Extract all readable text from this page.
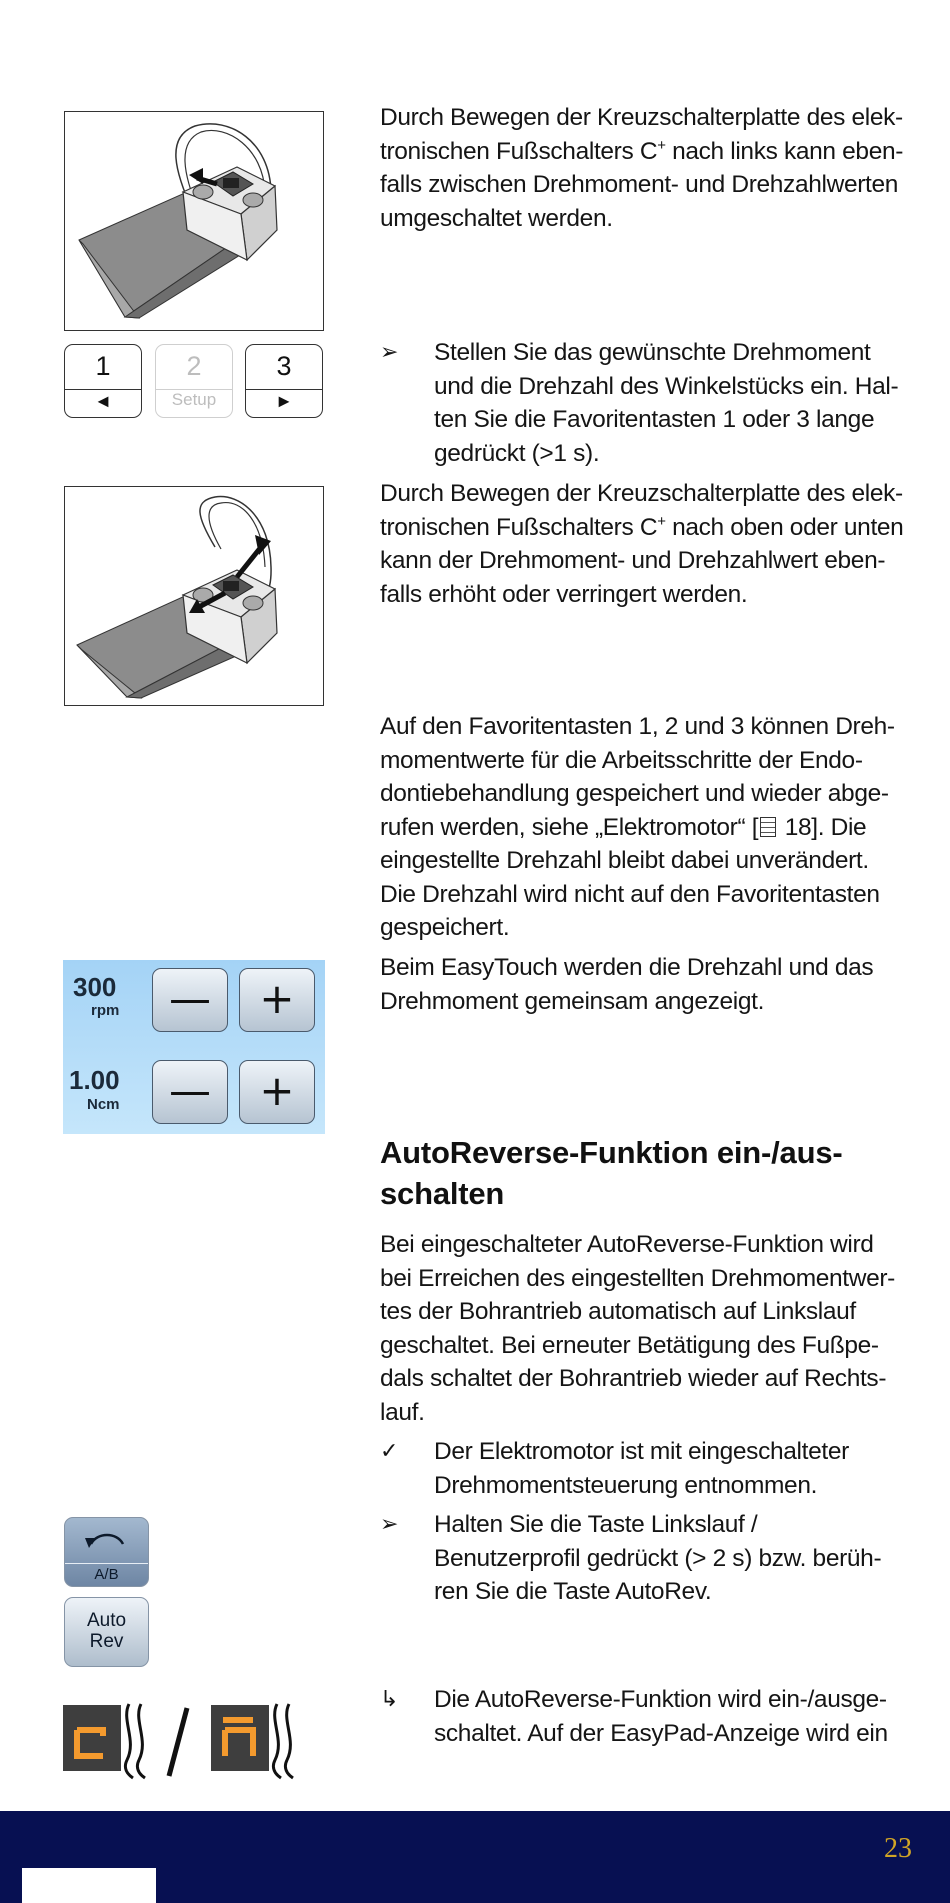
Durch Bewegen der Kreuzschalterplatte des elek-
tronischen Fußschalters C+ nach links kann eben-
falls zwischen Drehmoment- und Drehzahlwerten
umgeschaltet werden.
1
◄
2
Setup
3
►
➢	Stellen Sie das gewünschte Drehmoment
und die Drehzahl des Winkelstücks ein. Hal-
ten Sie die Favoritentasten 1 oder 3 lange
gedrückt (>1 s).
Durch Bewegen der Kreuzschalterplatte des elek-
tronischen Fußschalters C+ nach oben oder unten
kann der Drehmoment- und Drehzahlwert eben-
falls erhöht oder verringert werden.
Auf den Favoritentasten 1, 2 und 3 können Dreh-
momentwerte für die Arbeitsschritte der Endo-
dontiebehandlung gespeichert und wieder abge-
rufen werden, siehe „Elektromotor“ [ 18]. Die
eingestellte Drehzahl bleibt dabei unverändert.
Die Drehzahl wird nicht auf den Favoritentasten
gespeichert.
300
rpm	—	+
1.00
Ncm	—	+
Beim EasyTouch werden die Drehzahl und das
Drehmoment gemeinsam angezeigt.
AutoReverse-Funktion ein-/aus-
schalten
Bei eingeschalteter AutoReverse-Funktion wird
bei Erreichen des eingestellten Drehmomentwer-
tes der Bohrantrieb automatisch auf Linkslauf
geschaltet. Bei erneuter Betätigung des Fußpe-
dals schaltet der Bohrantrieb wieder auf Rechts-
lauf.
✓	Der Elektromotor ist mit eingeschalteter
Drehmomentsteuerung entnommen.
➢	Halten Sie die Taste Linkslauf /
Benutzerprofil gedrückt (> 2 s) bzw. berüh-
ren Sie die Taste AutoRev.
A/B
Auto
Rev
↳	Die AutoReverse-Funktion wird ein-/ausge-
schaltet. Auf der EasyPad-Anzeige wird ein
23
